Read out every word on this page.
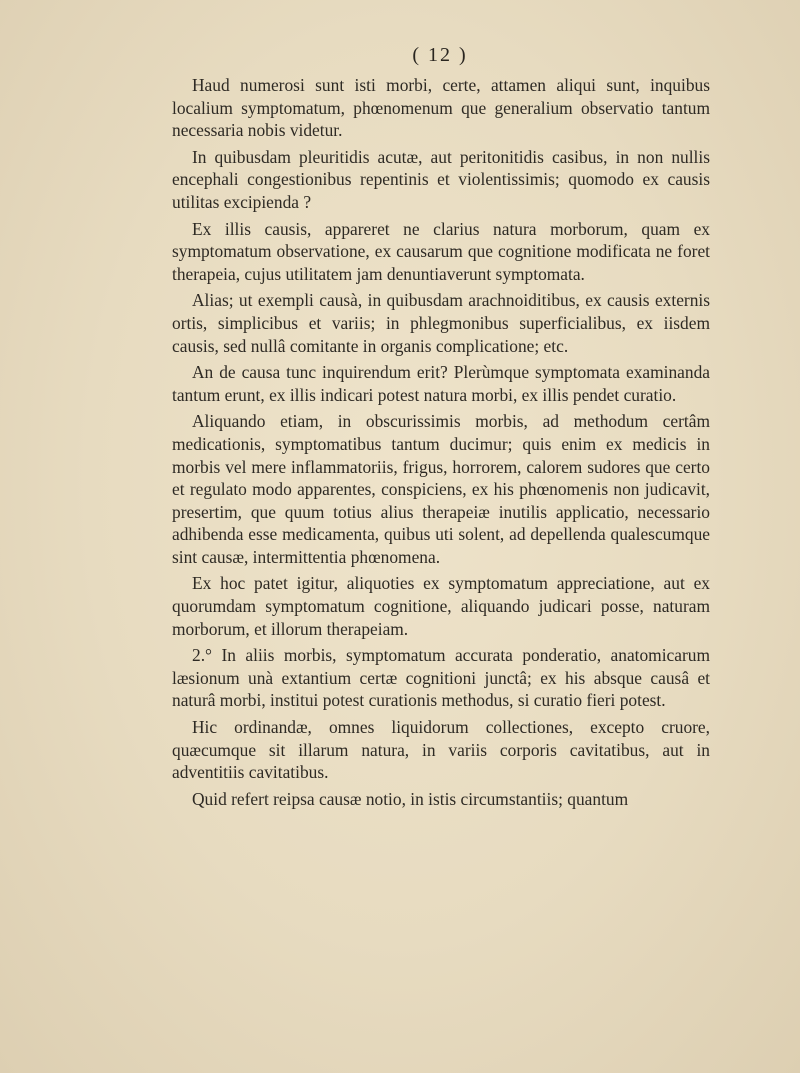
( 12 )

Haud numerosi sunt isti morbi, certe, attamen aliqui sunt, inquibus localium symptomatum, phœnomenum que generalium observatio tantum necessaria nobis videtur.

In quibusdam pleuritidis acutæ, aut peritonitidis casibus, in non nullis encephali congestionibus repentinis et violentissimis; quomodo ex causis utilitas excipienda ?

Ex illis causis, appareret ne clarius natura morborum, quam ex symptomatum observatione, ex causarum que cognitione modificata ne foret therapeia, cujus utilitatem jam denuntiaverunt symptomata.

Alias; ut exempli causà, in quibusdam arachnoiditibus, ex causis externis ortis, simplicibus et variis; in phlegmonibus superficialibus, ex iisdem causis, sed nullâ comitante in organis complicatione; etc.

An de causa tunc inquirendum erit? Plerùmque symptomata examinanda tantum erunt, ex illis indicari potest natura morbi, ex illis pendet curatio.

Aliquando etiam, in obscurissimis morbis, ad methodum certâm medicationis, symptomatibus tantum ducimur; quis enim ex medicis in morbis vel mere inflammatoriis, frigus, horrorem, calorem sudores que certo et regulato modo apparentes, conspiciens, ex his phœnomenis non judicavit, presertim, que quum totius alius therapeiæ inutilis applicatio, necessario adhibenda esse medicamenta, quibus uti solent, ad depellenda qualescumque sint causæ, intermittentia phœnomena.

Ex hoc patet igitur, aliquoties ex symptomatum appreciatione, aut ex quorumdam symptomatum cognitione, aliquando judicari posse, naturam morborum, et illorum therapeiam.

2.° In aliis morbis, symptomatum accurata ponderatio, anatomicarum læsionum unà extantium certæ cognitioni junctâ; ex his absque causâ et naturâ morbi, institui potest curationis methodus, si curatio fieri potest.

Hic ordinandæ, omnes liquidorum collectiones, excepto cruore, quæcumque sit illarum natura, in variis corporis cavitatibus, aut in adventitiis cavitatibus.

Quid refert reipsa causæ notio, in istis circumstantiis; quantum
